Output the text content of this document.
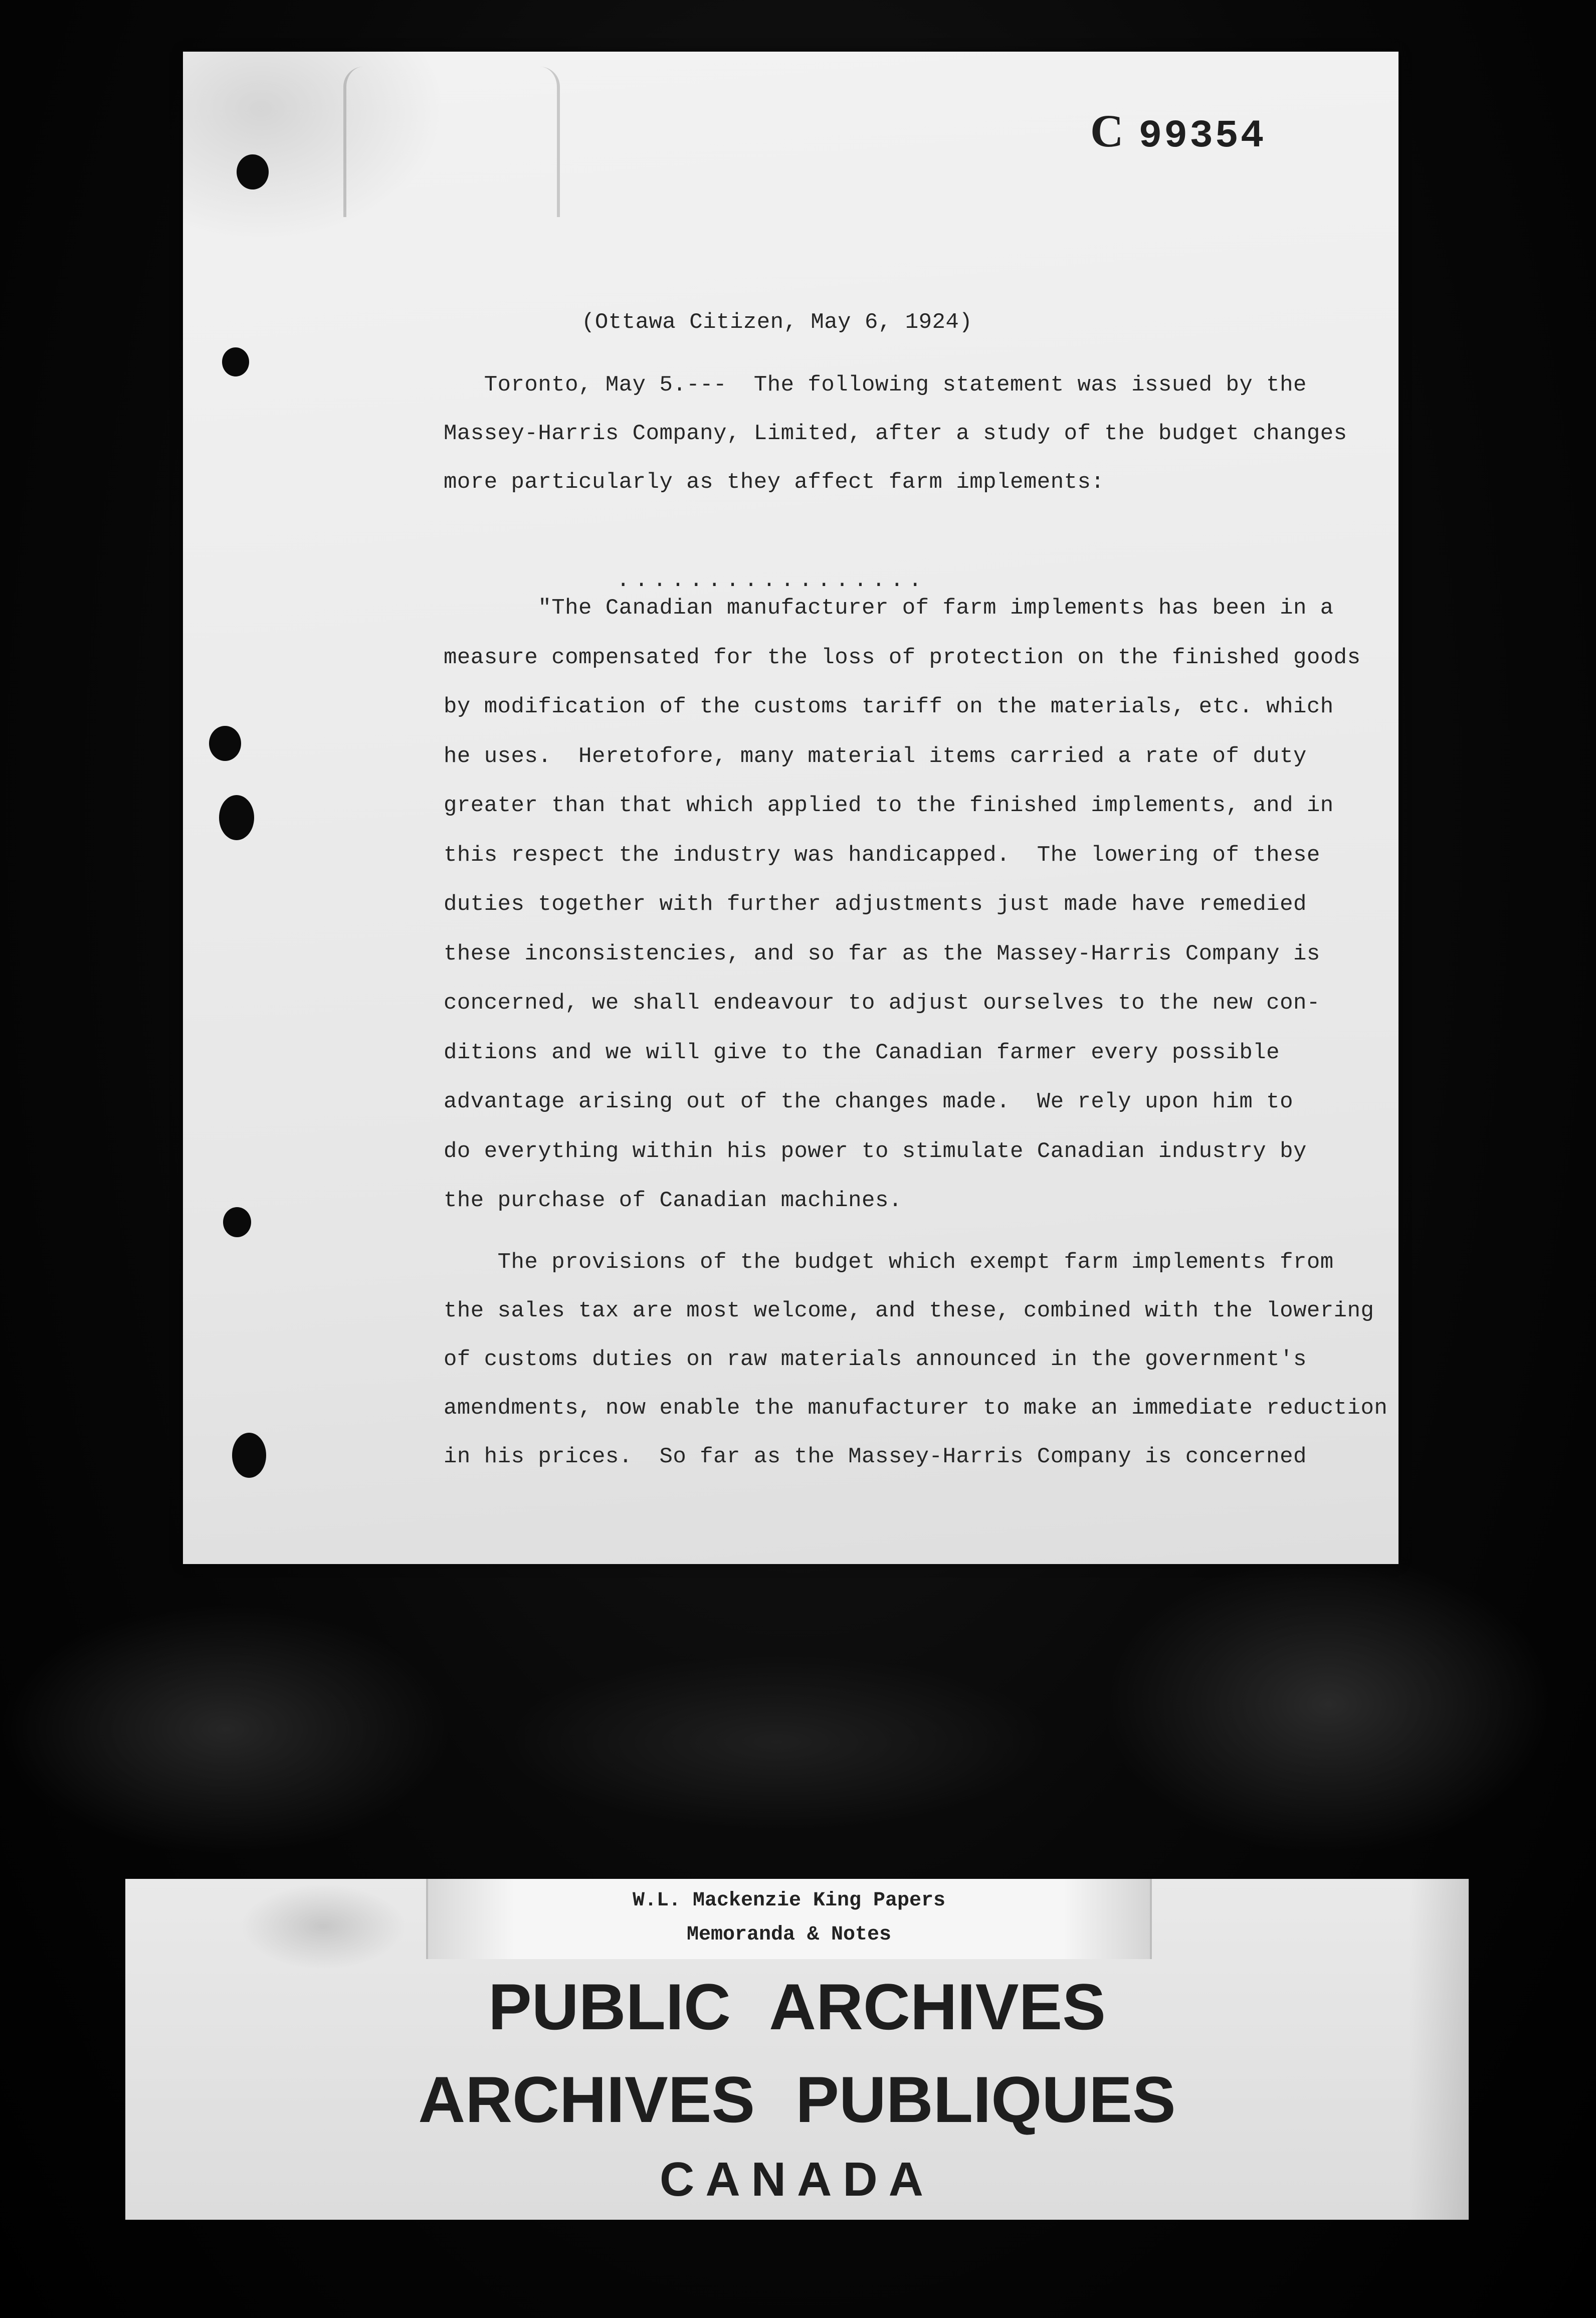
C 99354
(Ottawa Citizen, May 6, 1924)
Toronto, May 5.---  The following statement was issued by the
Massey-Harris Company, Limited, after a study of the budget changes
more particularly as they affect farm implements:
"The Canadian manufacturer of farm implements has been in a
measure compensated for the loss of protection on the finished goods
by modification of the customs tariff on the materials, etc. which
he uses.  Heretofore, many material items carried a rate of duty
greater than that which applied to the finished implements, and in
this respect the industry was handicapped.  The lowering of these
duties together with further adjustments just made have remedied
these inconsistencies, and so far as the Massey-Harris Company is
concerned, we shall endeavour to adjust ourselves to the new con-
ditions and we will give to the Canadian farmer every possible
advantage arising out of the changes made.  We rely upon him to
do everything within his power to stimulate Canadian industry by
the purchase of Canadian machines.
The provisions of the budget which exempt farm implements from
the sales tax are most welcome, and these, combined with the lowering
of customs duties on raw materials announced in the government's
amendments, now enable the manufacturer to make an immediate reduction
in his prices.  So far as the Massey-Harris Company is concerned
.................
W.L. Mackenzie King Papers
Memoranda & Notes
PUBLIC ARCHIVES
ARCHIVES PUBLIQUES
CANADA
